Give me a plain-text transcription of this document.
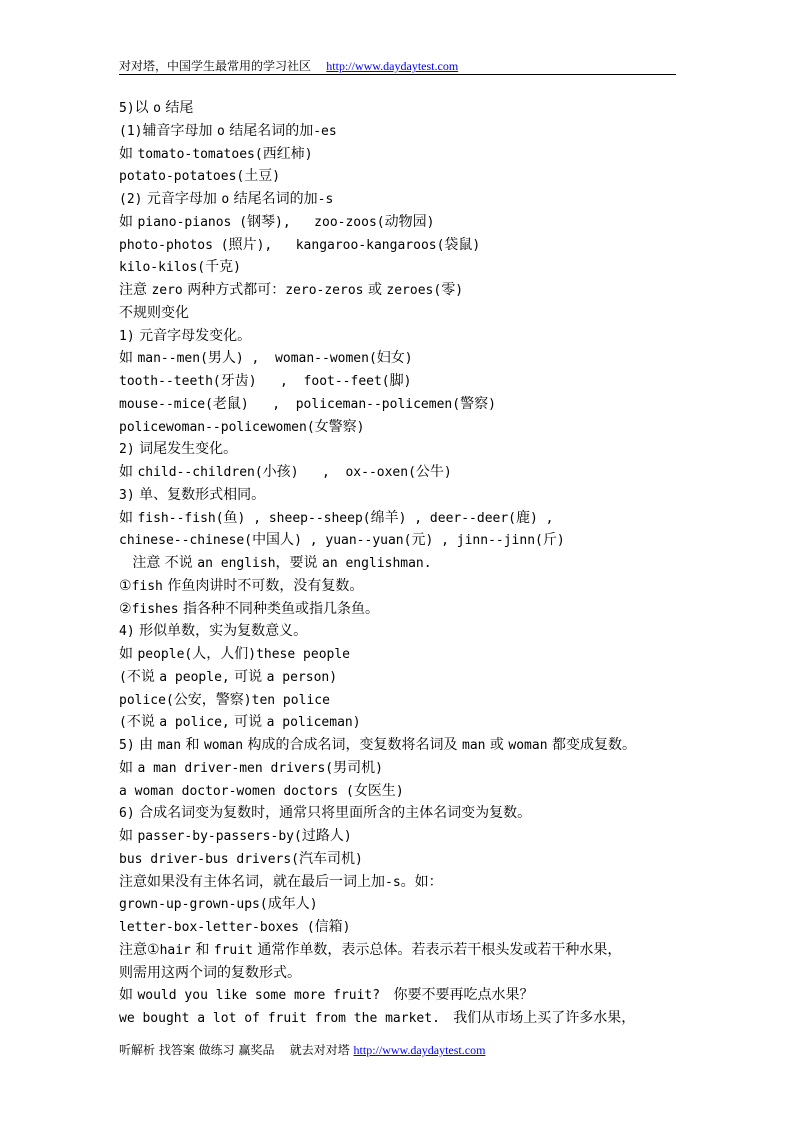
对对塔，中国学生最常用的学习社区 http://www.daydaytest.com
5)以 o 结尾
(1)辅音字母加 o 结尾名词的加-es
如 tomato-tomatoes(西红柿)
potato-potatoes(土豆)
(2) 元音字母加 o 结尾名词的加-s
如 piano-pianos (钢琴),   zoo-zoos(动物园)
photo-photos (照片),   kangaroo-kangaroos(袋鼠)
kilo-kilos(千克)
注意 zero 两种方式都可：zero-zeros 或 zeroes(零)
不规则变化
1) 元音字母发变化。
如 man--men(男人) ,  woman--women(妇女)
tooth--teeth(牙齿)   ,  foot--feet(脚)
mouse--mice(老鼠)   ,  policeman--policemen(警察)
policewoman--policewomen(女警察)
2) 词尾发生变化。
如 child--children(小孩)   ,  ox--oxen(公牛)
3) 单、复数形式相同。
如 fish--fish(鱼) , sheep--sheep(绵羊) , deer--deer(鹿) ,
chinese--chinese(中国人) , yuan--yuan(元) , jinn--jinn(斤)
注意 不说 an english，要说 an englishman.
①fish 作鱼肉讲时不可数，没有复数。
②fishes 指各种不同种类鱼或指几条鱼。
4) 形似单数，实为复数意义。
如 people(人，人们)these people
(不说 a people, 可说 a person)
police(公安，警察)ten police
(不说 a police, 可说 a policeman)
5) 由 man 和 woman 构成的合成名词，变复数将名词及 man 或 woman 都变成复数。
如 a man driver-men drivers(男司机)
a woman doctor-women doctors (女医生)
6) 合成名词变为复数时，通常只将里面所含的主体名词变为复数。
如 passer-by-passers-by(过路人)
bus driver-bus drivers(汽车司机)
注意如果没有主体名词，就在最后一词上加-s。如：
grown-up-grown-ups(成年人)
letter-box-letter-boxes (信箱)
注意①hair 和 fruit 通常作单数，表示总体。若表示若干根头发或若干种水果，
则需用这两个词的复数形式。
如 would you like some more fruit?   你要不要再吃点水果？
we bought a lot of fruit from the market.   我们从市场上买了许多水果，
听解析 找答案 做练习 赢奖品    就去对对塔 http://www.daydaytest.com
